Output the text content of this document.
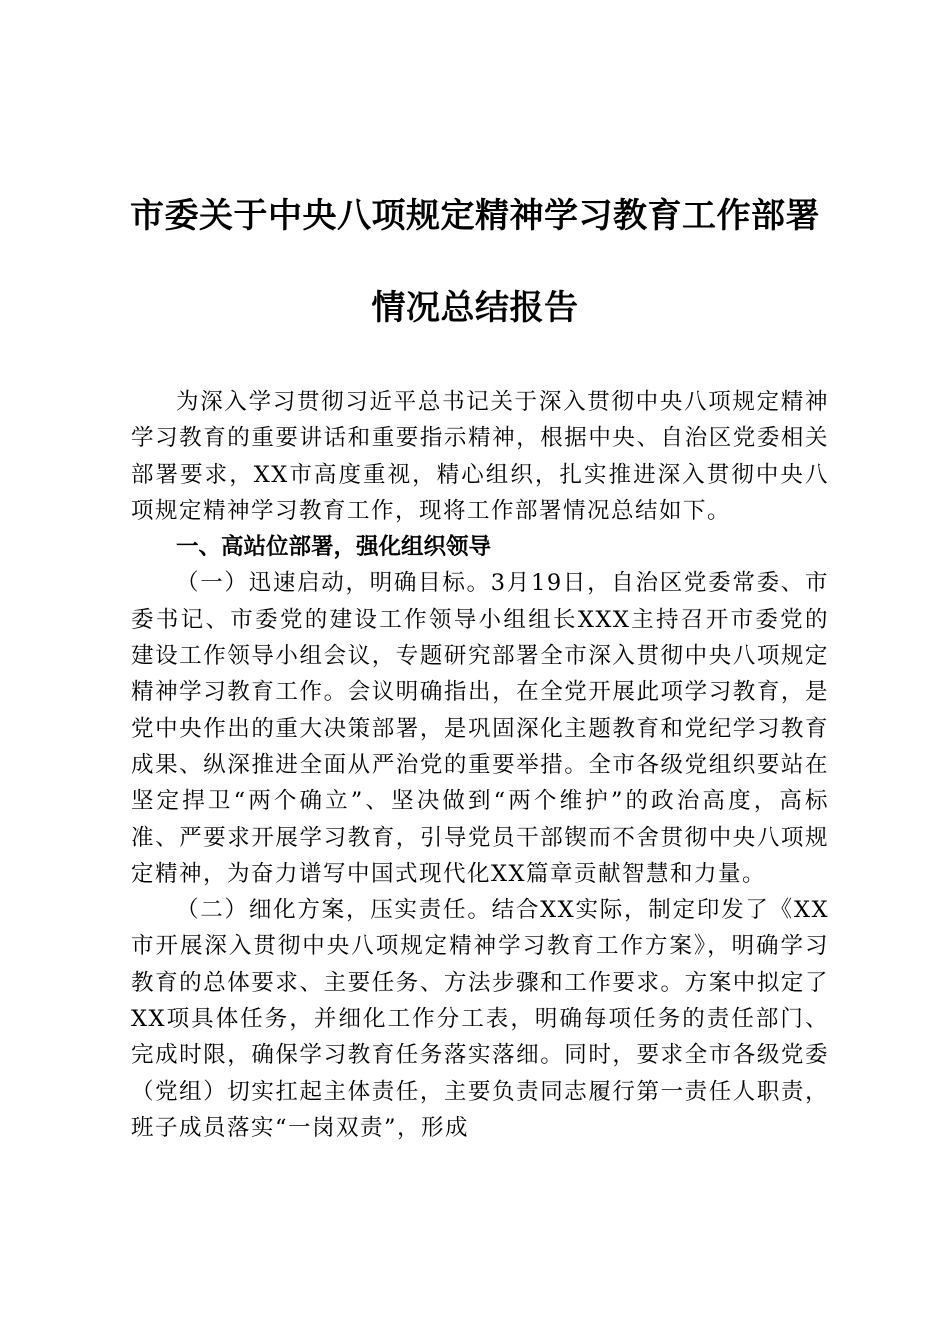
市委关于中央八项规定精神学习教育工作部署
情况总结报告

为深入学习贯彻习近平总书记关于深入贯彻中央八项规定精神学习教育的重要讲话和重要指示精神，根据中央、自治区党委相关部署要求，XX市高度重视，精心组织，扎实推进深入贯彻中央八项规定精神学习教育工作，现将工作部署情况总结如下。

一、高站位部署，强化组织领导

（一）迅速启动，明确目标。3月19日，自治区党委常委、市委书记、市委党的建设工作领导小组组长XXX主持召开市委党的建设工作领导小组会议，专题研究部署全市深入贯彻中央八项规定精神学习教育工作。会议明确指出，在全党开展此项学习教育，是党中央作出的重大决策部署，是巩固深化主题教育和党纪学习教育成果、纵深推进全面从严治党的重要举措。全市各级党组织要站在坚定捍卫“两个确立”、坚决做到“两个维护”的政治高度，高标准、严要求开展学习教育，引导党员干部锲而不舍贯彻中央八项规定精神，为奋力谱写中国式现代化XX篇章贡献智慧和力量。

（二）细化方案，压实责任。结合XX实际，制定印发了《XX市开展深入贯彻中央八项规定精神学习教育工作方案》，明确学习教育的总体要求、主要任务、方法步骤和工作要求。方案中拟定了XX项具体任务，并细化工作分工表，明确每项任务的责任部门、完成时限，确保学习教育任务落实落细。同时，要求全市各级党委（党组）切实扛起主体责任，主要负责同志履行第一责任人职责，班子成员落实“一岗双责”，形成
